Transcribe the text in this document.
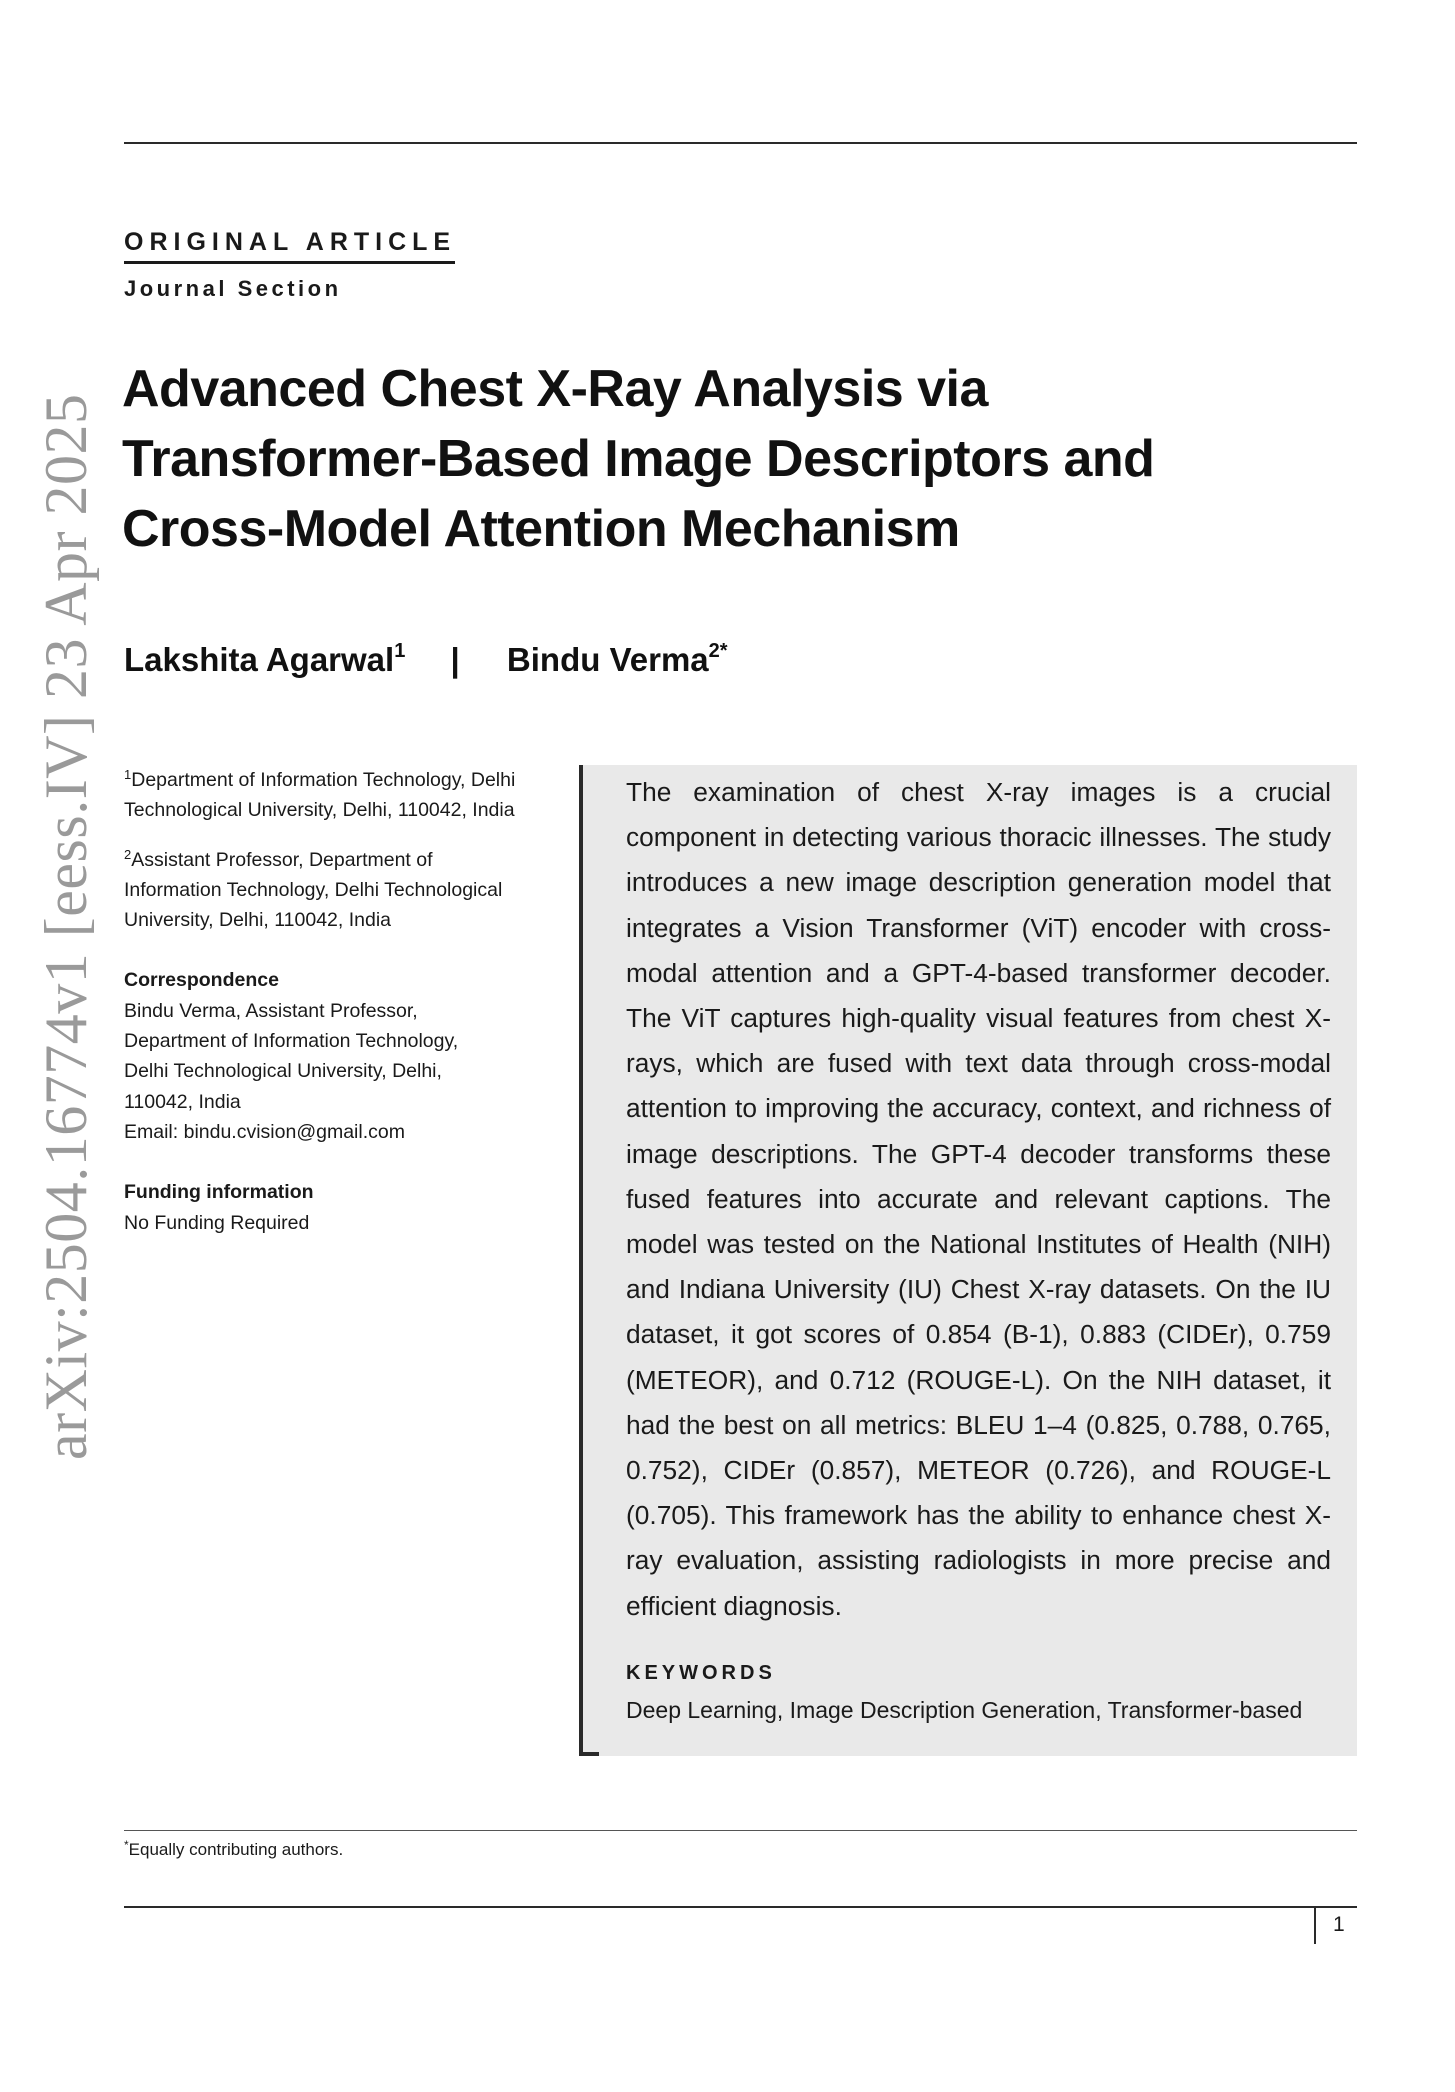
ORIGINAL ARTICLE
Journal Section
arXiv:2504.16774v1 [eess.IV] 23 Apr 2025
Advanced Chest X-Ray Analysis via
Transformer-Based Image Descriptors and
Cross-Model Attention Mechanism
Lakshita Agarwal$^1$ | Bindu Verma$^{2*}$
$^1$Department of Information Technology, Delhi Technological University, Delhi, 110042, India
$^2$Assistant Professor, Department of Information Technology, Delhi Technological University, Delhi, 110042, India
Correspondence
Bindu Verma, Assistant Professor,
Department of Information Technology,
Delhi Technological University, Delhi,
110042, India
Email: bindu.cvision@gmail.com
Funding information
No Funding Required
The examination of chest X-ray images is a crucial component in detecting various thoracic illnesses. The study introduces a new image description generation model that integrates a Vision Transformer (ViT) encoder with cross-modal attention and a GPT-4-based transformer decoder. The ViT captures high-quality visual features from chest X-rays, which are fused with text data through cross-modal attention to improving the accuracy, context, and richness of image descriptions. The GPT-4 decoder transforms these fused features into accurate and relevant captions. The model was tested on the National Institutes of Health (NIH) and Indiana University (IU) Chest X-ray datasets. On the IU dataset, it got scores of 0.854 (B-1), 0.883 (CIDEr), 0.759 (METEOR), and 0.712 (ROUGE-L). On the NIH dataset, it had the best on all metrics: BLEU 1–4 (0.825, 0.788, 0.765, 0.752), CIDEr (0.857), METEOR (0.726), and ROUGE-L (0.705). This framework has the ability to enhance chest X-ray evaluation, assisting radiologists in more precise and efficient diagnosis.
KEYWORDS
Deep Learning, Image Description Generation, Transformer-based
*Equally contributing authors.
1
